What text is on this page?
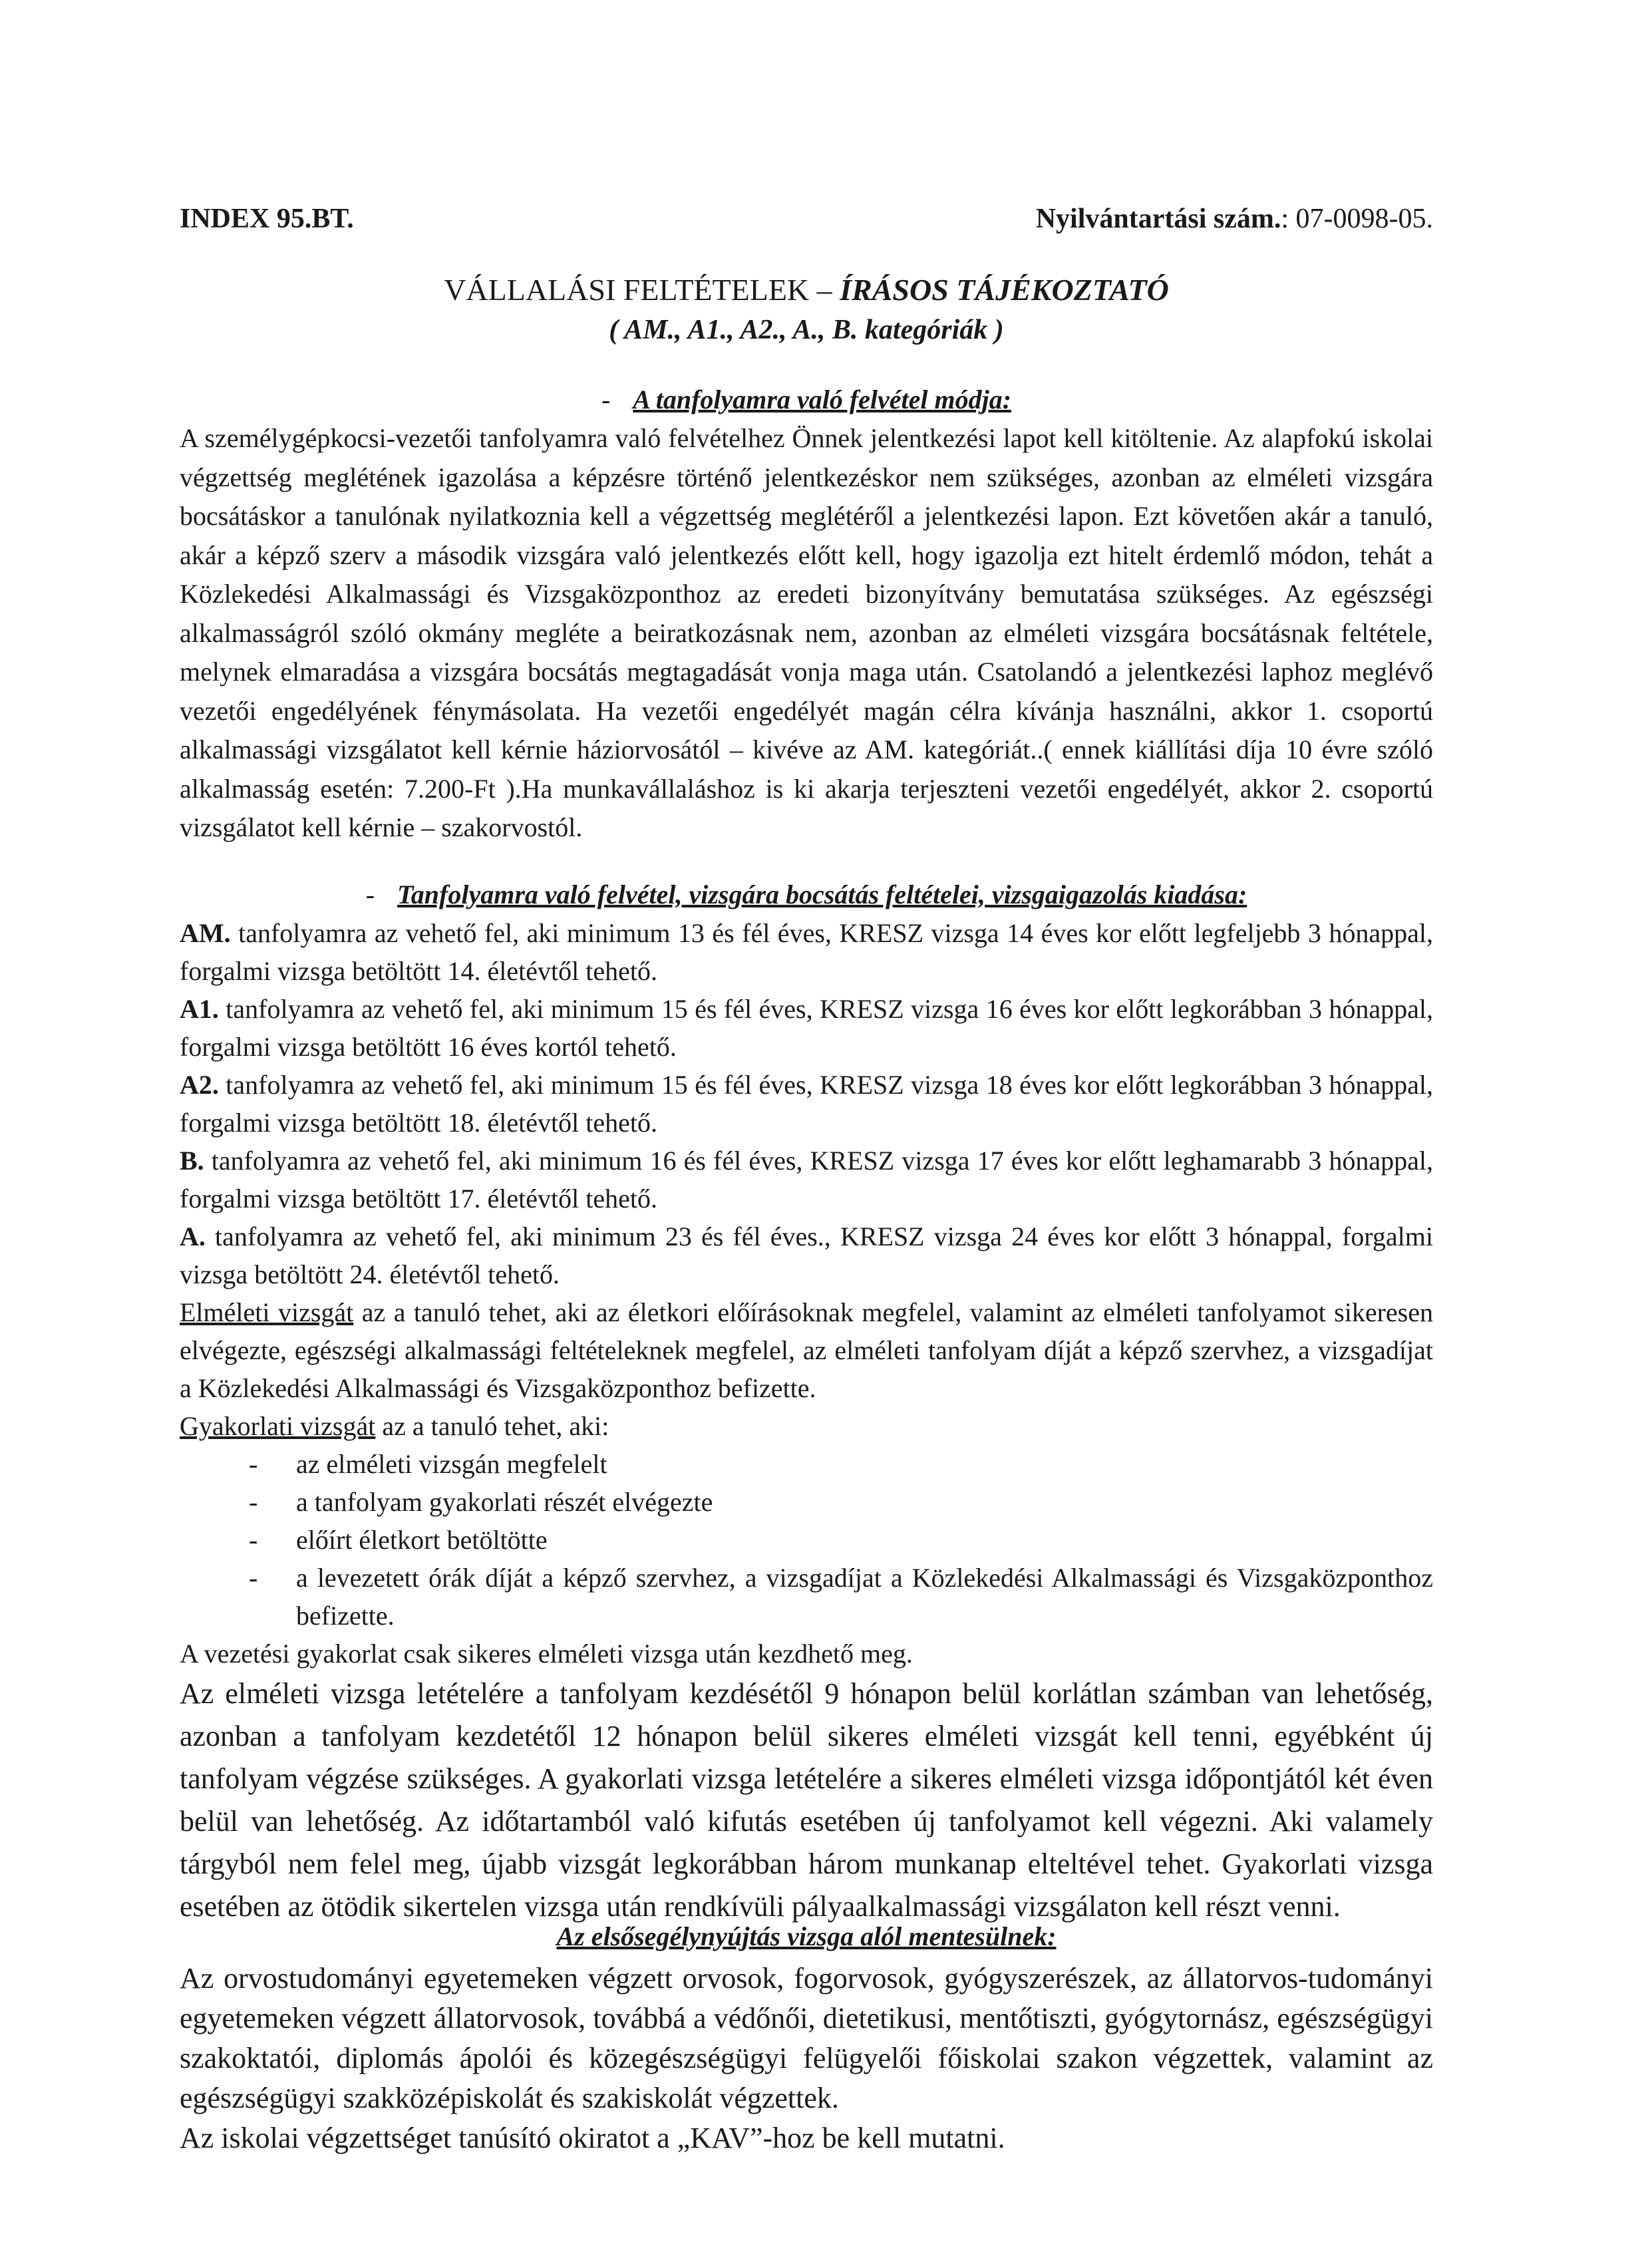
INDEX 95.BT.	Nyilvántartási szám.: 07-0098-05.
VÁLLALÁSI FELTÉTELEK – ÍRÁSOS TÁJÉKOZTATÓ
( AM., A1., A2., A., B. kategóriák )
- A tanfolyamra való felvétel módja:

A személygépkocsi-vezetői tanfolyamra való felvételhez Önnek jelentkezési lapot kell kitöltenie. Az alapfokú iskolai végzettség meglétének igazolása a képzésre történő jelentkezéskor nem szükséges, azonban az elméleti vizsgára bocsátáskor a tanulónak nyilatkoznia kell a végzettség meglétéről a jelentkezési lapon. Ezt követően akár a tanuló, akár a képző szerv a második vizsgára való jelentkezés előtt kell, hogy igazolja ezt hitelt érdemlő módon, tehát a Közlekedési Alkalmassági és Vizsgaközponthoz az eredeti bizonyítvány bemutatása szükséges. Az egészségi alkalmasságról szóló okmány megléte a beiratkozásnak nem, azonban az elméleti vizsgára bocsátásnak feltétele, melynek elmaradása a vizsgára bocsátás megtagadását vonja maga után. Csatolandó a jelentkezési laphoz meglévő vezetői engedélyének fénymásolata. Ha vezetői engedélyét magán célra kívánja használni, akkor 1. csoportú alkalmassági vizsgálatot kell kérnie háziorvosától – kivéve az AM. kategóriát..( ennek kiállítási díja 10 évre szóló alkalmasság esetén: 7.200-Ft ).Ha munkavállaláshoz is ki akarja terjeszteni vezetői engedélyét, akkor 2. csoportú vizsgálatot kell kérnie – szakorvostól.

- Tanfolyamra való felvétel, vizsgára bocsátás feltételei, vizsgaigazolás kiadása:

AM. tanfolyamra az vehető fel, aki minimum 13 és fél éves, KRESZ vizsga 14 éves kor előtt legfeljebb 3 hónappal, forgalmi vizsga betöltött 14. életévtől tehető.

A1. tanfolyamra az vehető fel, aki minimum 15 és fél éves, KRESZ vizsga 16 éves kor előtt legkorábban 3 hónappal, forgalmi vizsga betöltött 16 éves kortól tehető.

A2. tanfolyamra az vehető fel, aki minimum 15 és fél éves, KRESZ vizsga 18 éves kor előtt legkorábban 3 hónappal, forgalmi vizsga betöltött 18. életévtől tehető.

B. tanfolyamra az vehető fel, aki minimum 16 és fél éves, KRESZ vizsga 17 éves kor előtt leghamarabb 3 hónappal, forgalmi vizsga betöltött 17. életévtől tehető.

A. tanfolyamra az vehető fel, aki minimum 23 és fél éves., KRESZ vizsga 24 éves kor előtt 3 hónappal, forgalmi vizsga betöltött 24. életévtől tehető.

Elméleti vizsgát az a tanuló tehet, aki az életkori előírásoknak megfelel, valamint az elméleti tanfolyamot sikeresen elvégezte, egészségi alkalmassági feltételeknek megfelel, az elméleti tanfolyam díját a képző szervhez, a vizsgadíjat a Közlekedési Alkalmassági és Vizsgaközponthoz befizette.

Gyakorlati vizsgát az a tanuló tehet, aki:

- az elméleti vizsgán megfelelt
- a tanfolyam gyakorlati részét elvégezte
- előírt életkort betöltötte
- a levezetett órák díját a képző szervhez, a vizsgadíjat a Közlekedési Alkalmassági és Vizsgaközponthoz befizette.

A vezetési gyakorlat csak sikeres elméleti vizsga után kezdhető meg.

Az elméleti vizsga letételére a tanfolyam kezdésétől 9 hónapon belül korlátlan számban van lehetőség, azonban a tanfolyam kezdetétől 12 hónapon belül sikeres elméleti vizsgát kell tenni, egyébként új tanfolyam végzése szükséges. A gyakorlati vizsga letételére a sikeres elméleti vizsga időpontjától két éven belül van lehetőség. Az időtartamból való kifutás esetében új tanfolyamot kell végezni. Aki valamely tárgyból nem felel meg, újabb vizsgát legkorábban három munkanap elteltével tehet. Gyakorlati vizsga esetében az ötödik sikertelen vizsga után rendkívüli pályaalkalmassági vizsgálaton kell részt venni.

Az elsősegélynyújtás vizsga alól mentesülnek:

Az orvostudományi egyetemeken végzett orvosok, fogorvosok, gyógyszerészek, az állatorvos-tudományi egyetemeken végzett állatorvosok, továbbá a védőnői, dietetikusi, mentőtiszti, gyógytornász, egészségügyi szakoktatói, diplomás ápolói és közegészségügyi felügyelői főiskolai szakon végzettek, valamint az egészségügyi szakközépiskolát és szakiskolát végzettek.

Az iskolai végzettséget tanúsító okiratot a „KAV”-hoz be kell mutatni.
